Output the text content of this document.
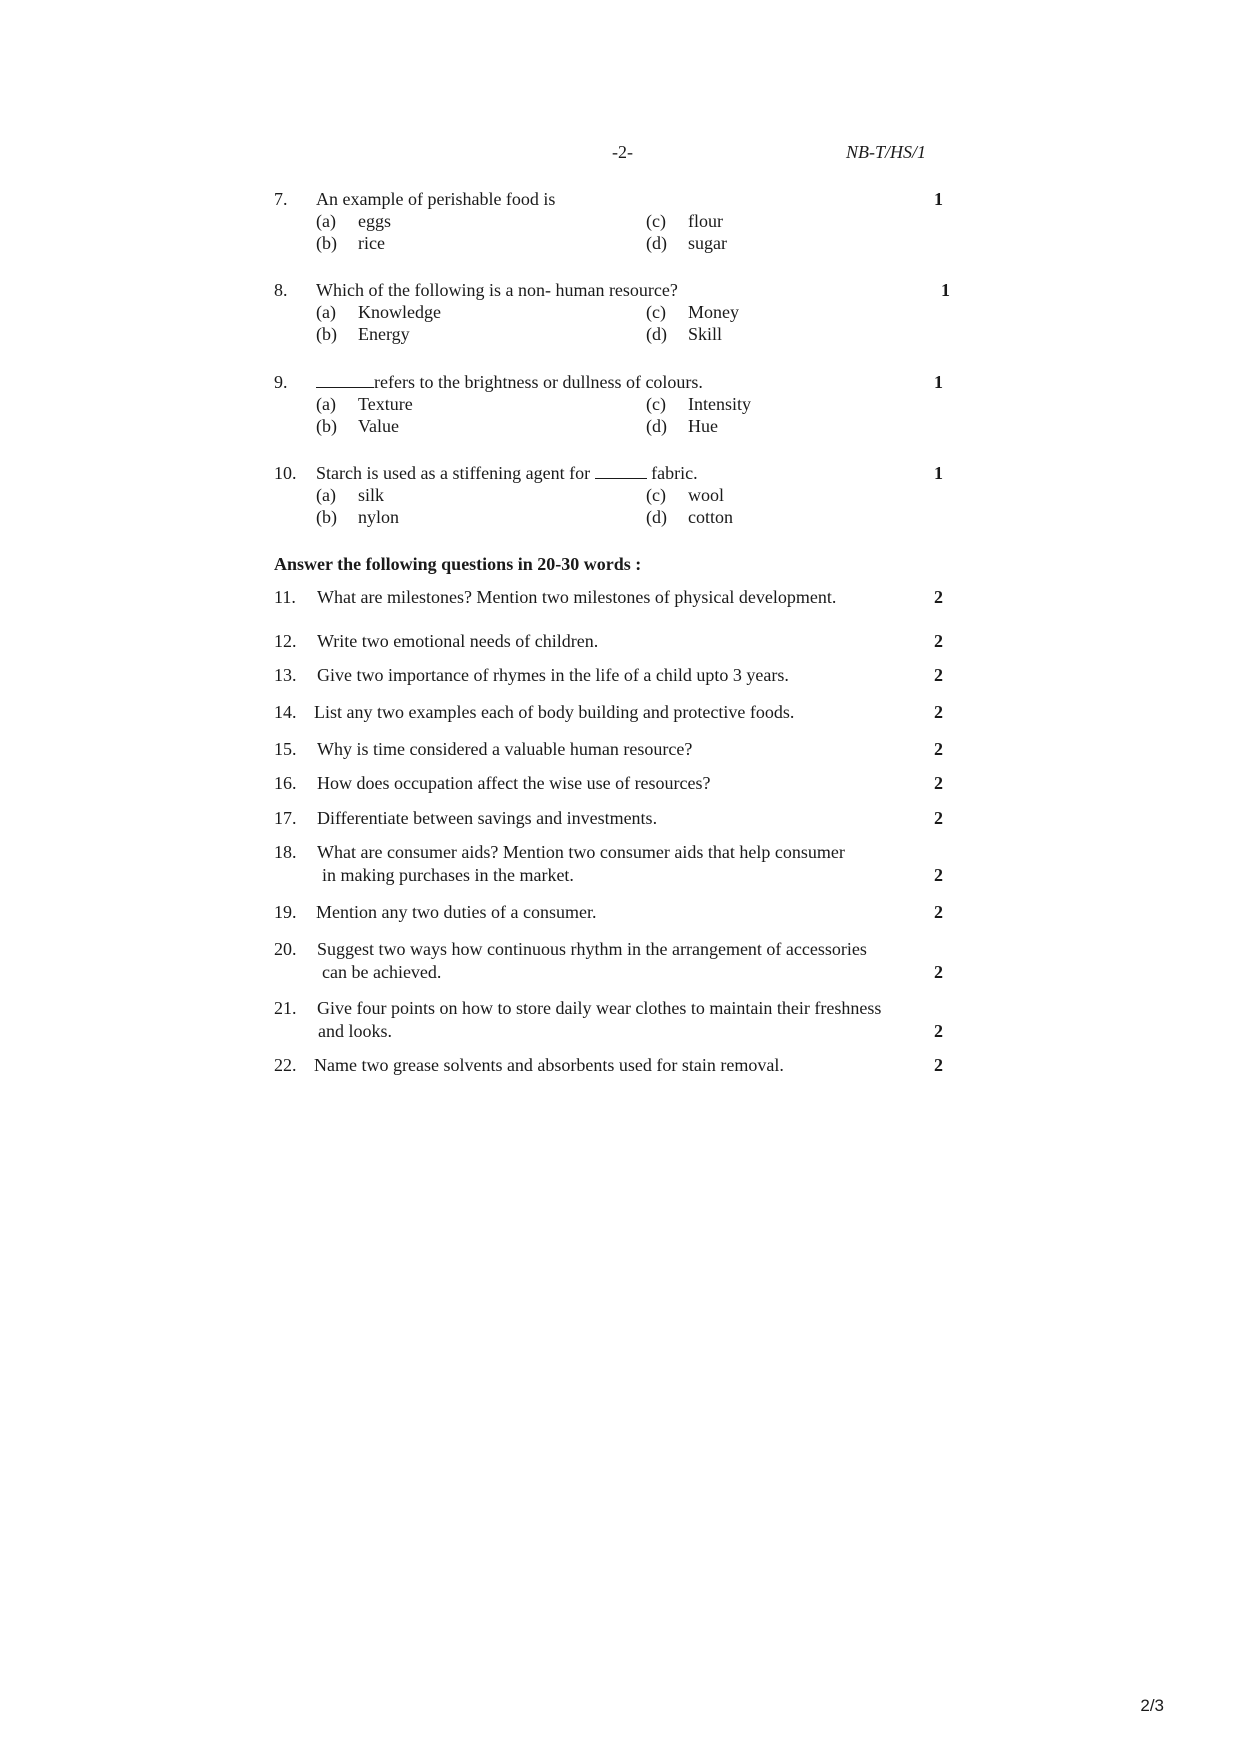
-2-	NB-T/HS/1
7. An example of perishable food is	1
(a) eggs
(b) rice
(c) flour
(d) sugar
8. Which of the following is a non- human resource?	1
(a) Knowledge
(b) Energy
(c) Money
(d) Skill
9.	refers to the brightness or dullness of colours.	1
(a) Texture
(b) Value
(c) Intensity
(d) Hue
10. Starch is used as a stiffening agent for	fabric.	1
(a) silk
(b) nylon
(c) wool
(d) cotton
Answer the following questions in 20-30 words :
11. What are milestones? Mention two milestones of physical development.	2
12. Write two emotional needs of children.	2
13. Give two importance of rhymes in the life of a child upto 3 years.	2
14. List any two examples each of body building and protective foods.	2
15. Why is time considered a valuable human resource?	2
16. How does occupation affect the wise use of resources?	2
17. Differentiate between savings and investments.	2
18. What are consumer aids? Mention two consumer aids that help consumer
in making purchases in the market.	2
19. Mention any two duties of a consumer.	2
20. Suggest two ways how continuous rhythm in the arrangement of accessories
can be achieved.	2
21. Give four points on how to store daily wear clothes to maintain their freshness
and looks.	2
22. Name two grease solvents and absorbents used for stain removal.	2
2/3
